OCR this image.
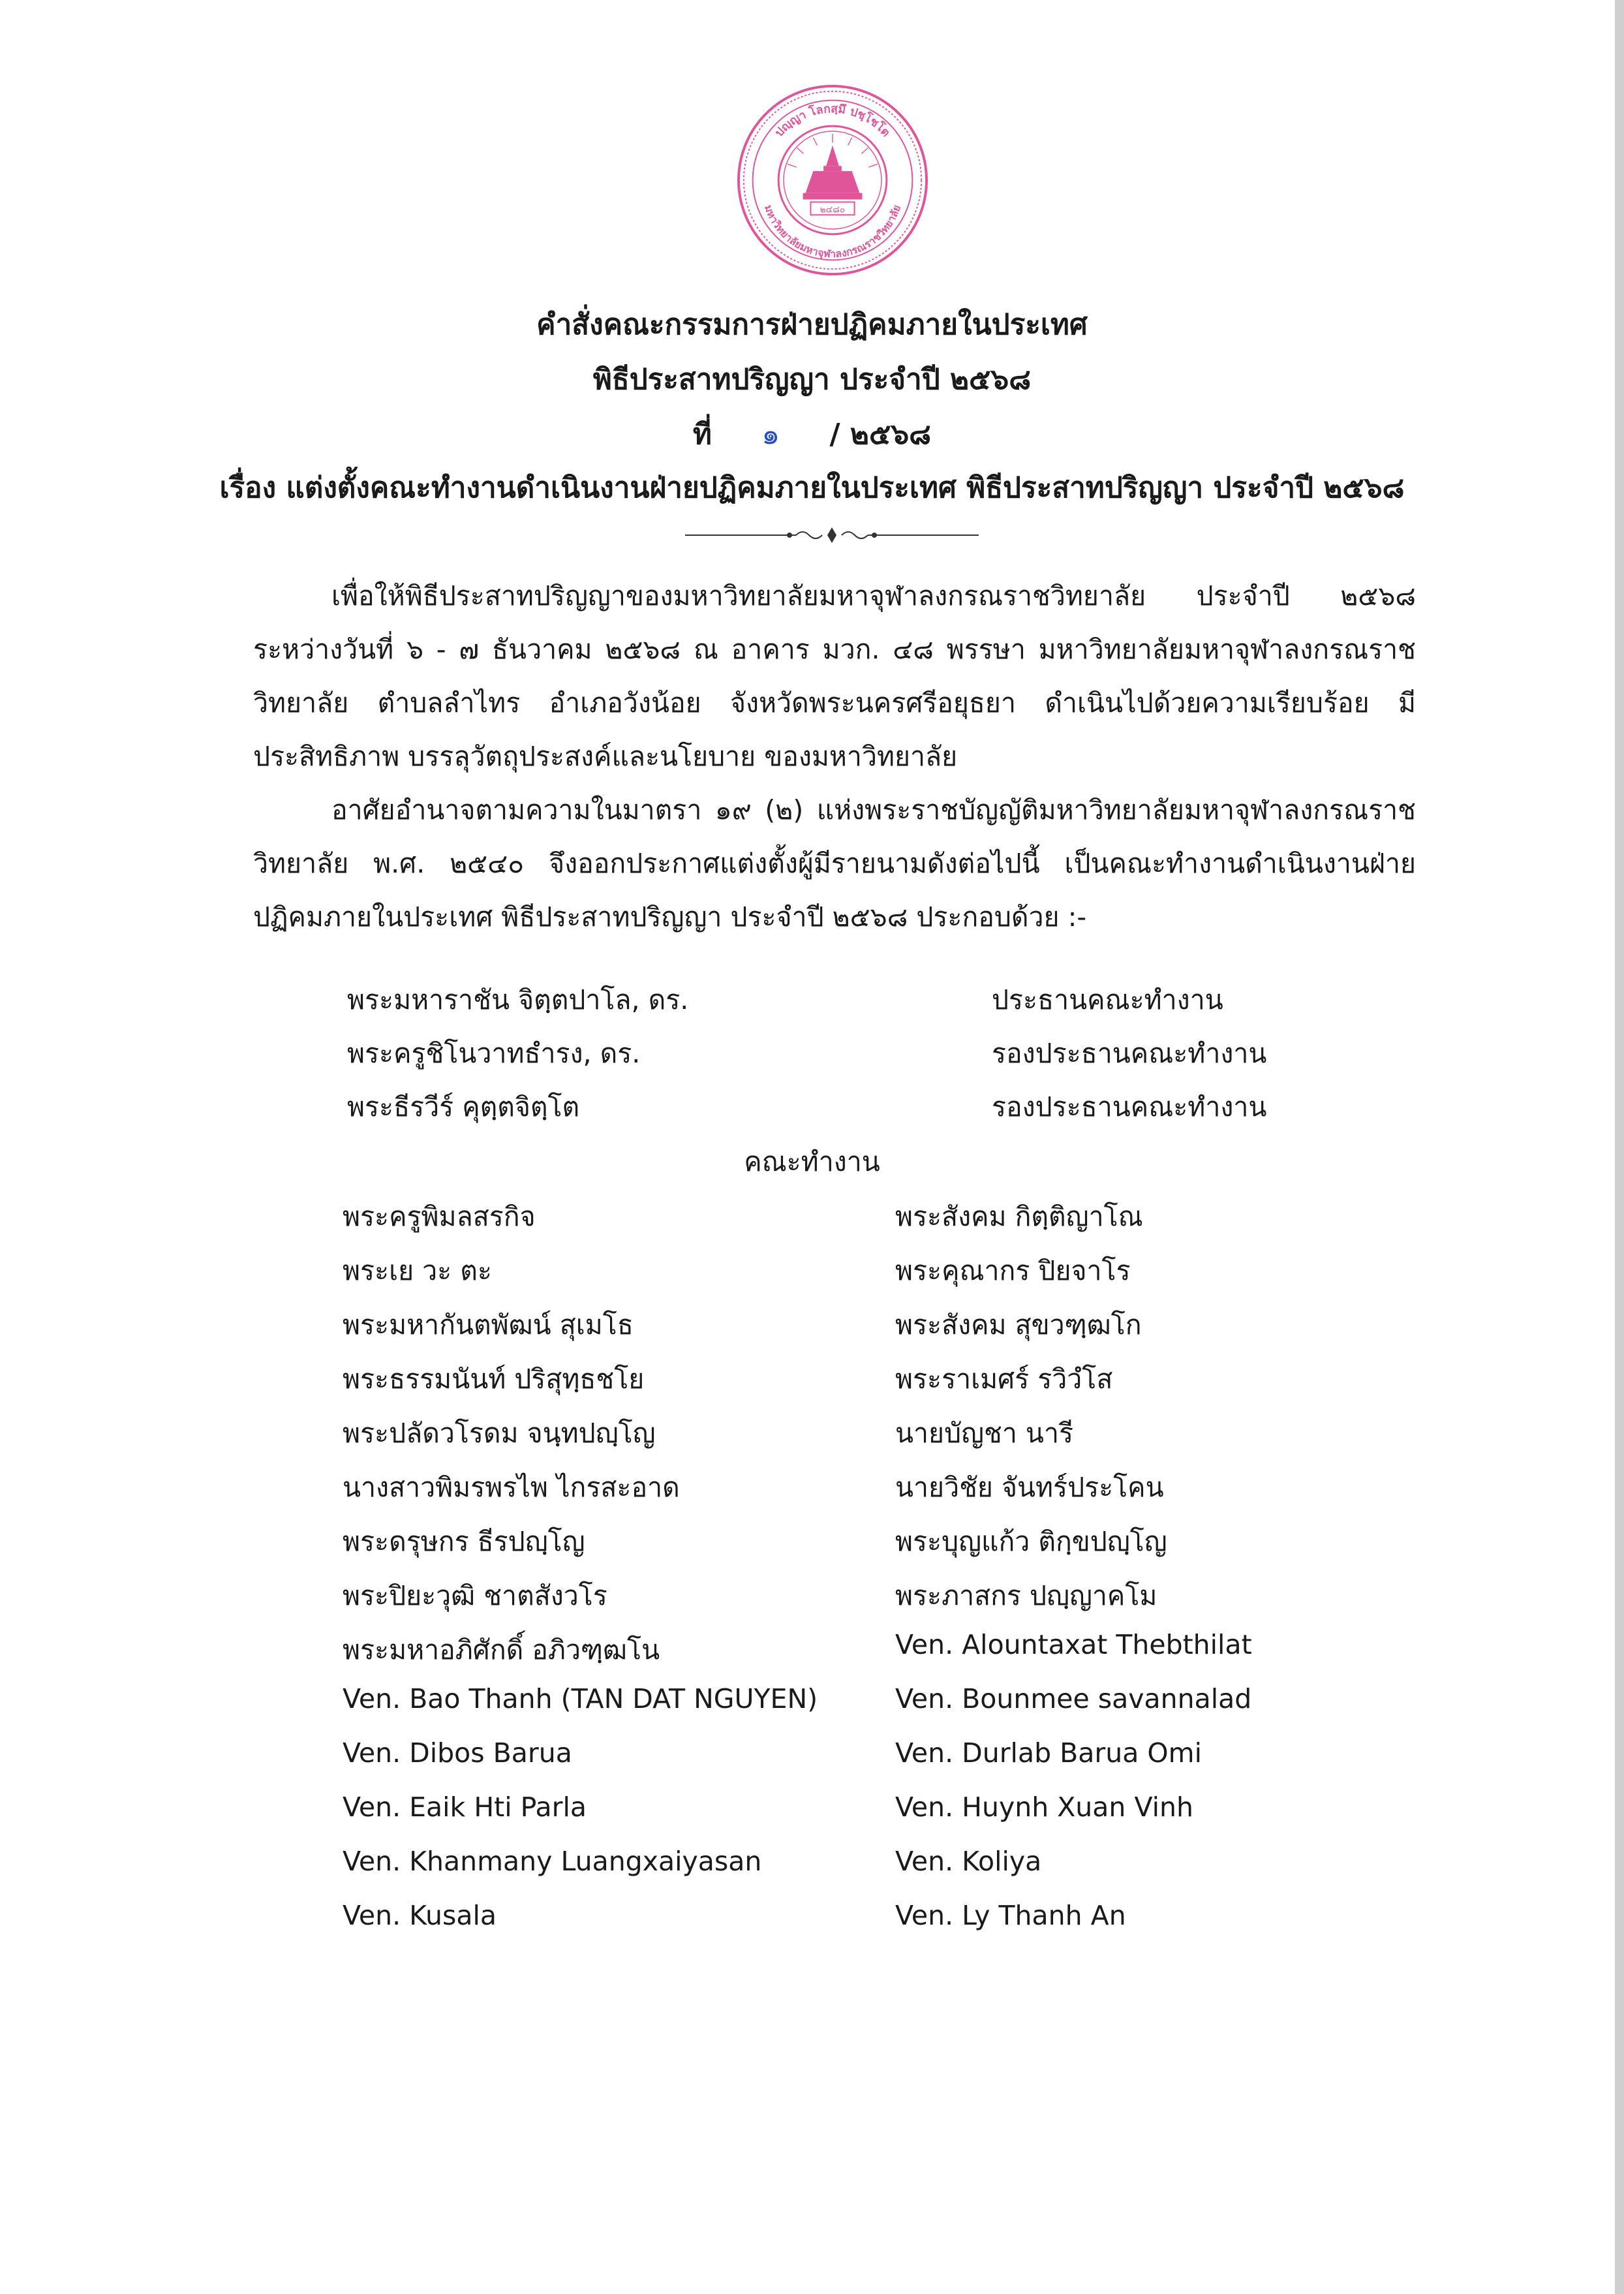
ปญฺญา โลกสฺมึ ปชฺโชโต
มหาวิทยาลัยมหาจุฬาลงกรณราชวิทยาลัย
๒๔๘๐
คำสั่งคณะกรรมการฝ่ายปฏิคมภายในประเทศ
พิธีประสาทปริญญา ประจำปี ๒๕๖๘
ที่ ๑ / ๒๕๖๘
เรื่อง แต่งตั้งคณะทำงานดำเนินงานฝ่ายปฏิคมภายในประเทศ พิธีประสาทปริญญา ประจำปี ๒๕๖๘
เพื่อให้พิธีประสาทปริญญาของมหาวิทยาลัยมหาจุฬาลงกรณราชวิทยาลัย ประจำปี ๒๕๖๘ ระหว่างวันที่ ๖ - ๗ ธันวาคม ๒๕๖๘ ณ อาคาร มวก. ๔๘ พรรษา มหาวิทยาลัยมหาจุฬาลงกรณราชวิทยาลัย ตำบลลำไทร อำเภอวังน้อย จังหวัดพระนครศรีอยุธยา ดำเนินไปด้วยความเรียบร้อย มีประสิทธิภาพ บรรลุวัตถุประสงค์และนโยบาย ของมหาวิทยาลัย
อาศัยอำนาจตามความในมาตรา ๑๙ (๒) แห่งพระราชบัญญัติมหาวิทยาลัยมหาจุฬาลงกรณราชวิทยาลัย พ.ศ. ๒๕๔๐ จึงออกประกาศแต่งตั้งผู้มีรายนามดังต่อไปนี้ เป็นคณะทำงานดำเนินงานฝ่ายปฏิคมภายในประเทศ พิธีประสาทปริญญา ประจำปี ๒๕๖๘ ประกอบด้วย :-
พระมหาราชัน จิตฺตปาโล, ดร.	ประธานคณะทำงาน
พระครูชิโนวาทธำรง, ดร.	รองประธานคณะทำงาน
พระธีรวีร์ คุตฺตจิตฺโต	รองประธานคณะทำงาน
คณะทำงาน
พระครูพิมลสรกิจ	พระสังคม กิตฺติญาโณ
พระเย วะ ตะ	พระคุณากร ปิยจาโร
พระมหากันตพัฒน์ สุเมโธ	พระสังคม สุขวฑฺฒโก
พระธรรมนันท์ ปริสุทฺธชโย	พระราเมศร์ รวิวํโส
พระปลัดวโรดม จนฺทปญฺโญ	นายบัญชา นารี
นางสาวพิมรพรไพ ไกรสะอาด	นายวิชัย จันทร์ประโคน
พระดรุษกร ธีรปญฺโญ	พระบุญแก้ว ติกฺขปญฺโญ
พระปิยะวุฒิ ชาตสังวโร	พระภาสกร ปญฺญาคโม
พระมหาอภิศักดิ์ อภิวฑฺฒโน	Ven. Alountaxat Thebthilat
Ven. Bao Thanh (TAN DAT NGUYEN)	Ven. Bounmee savannalad
Ven. Dibos Barua	Ven. Durlab Barua Omi
Ven. Eaik Hti Parla	Ven. Huynh Xuan Vinh
Ven. Khanmany Luangxaiyasan	Ven. Koliya
Ven. Kusala	Ven. Ly Thanh An
